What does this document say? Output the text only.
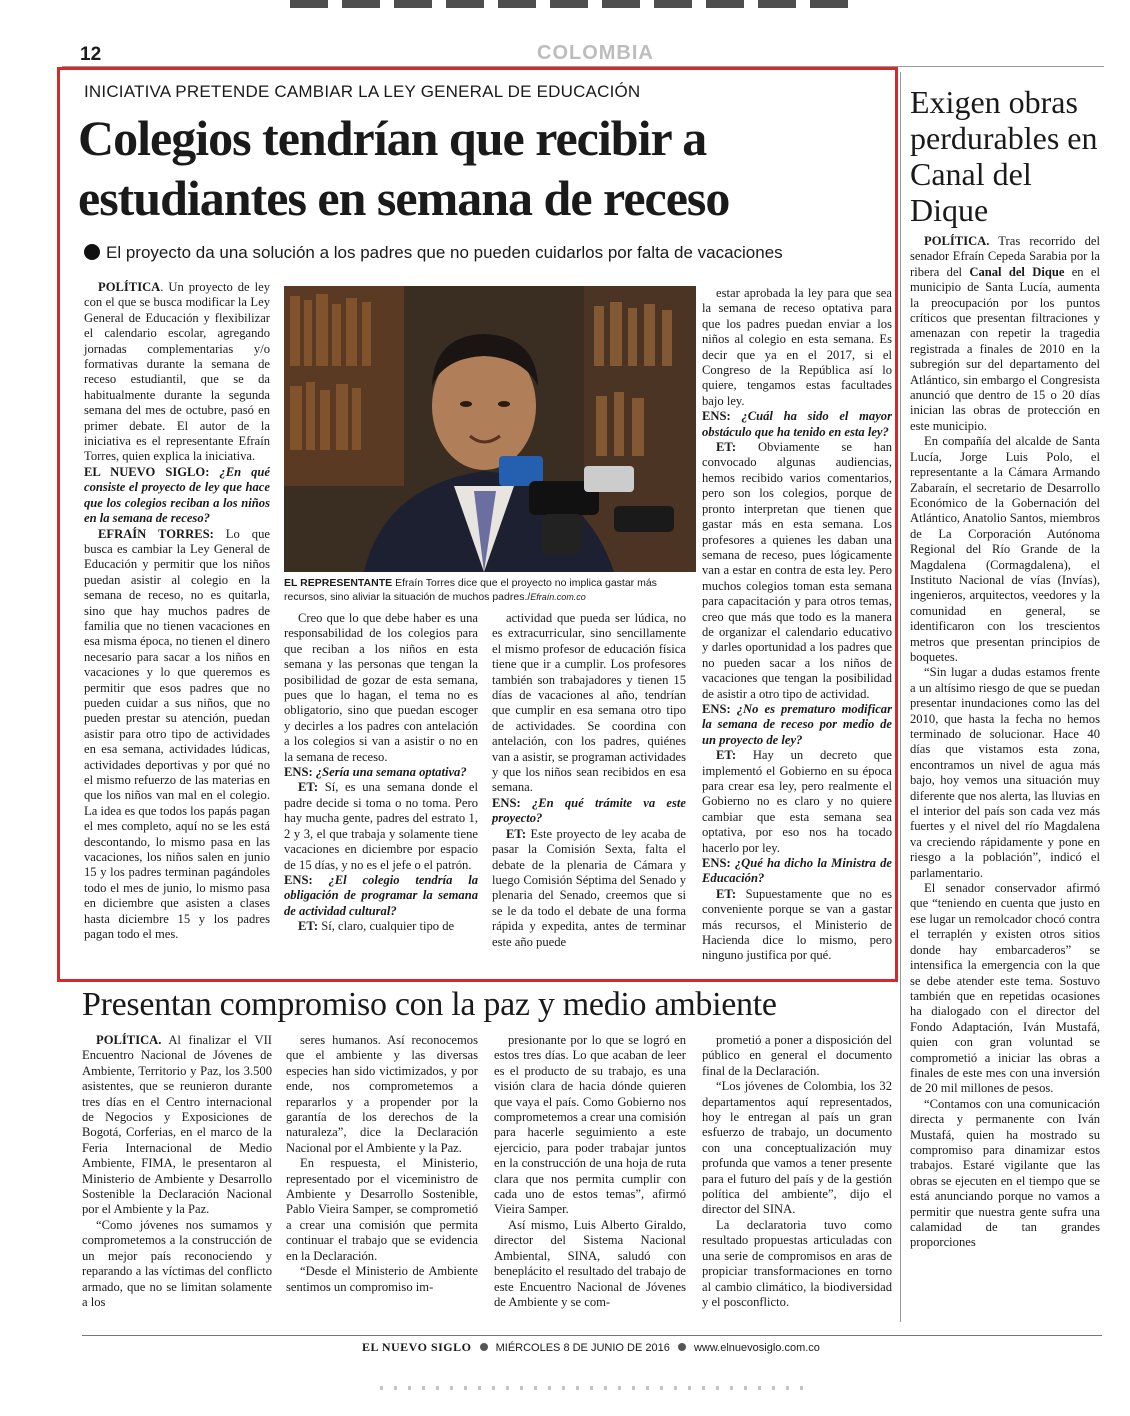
12	COLOMBIA
INICIATIVA PRETENDE CAMBIAR LA LEY GENERAL DE EDUCACIÓN
Colegios tendrían que recibir a estudiantes en semana de receso
El proyecto da una solución a los padres que no pueden cuidarlos por falta de vacaciones

POLÍTICA. Un proyecto de ley con el que se busca modificar la Ley General de Educación y flexibilizar el calendario escolar, agregando jornadas complementarias y/o formativas durante la semana de receso estudiantil, que se da habitualmente durante la segunda semana del mes de octubre, pasó en primer debate. El autor de la iniciativa es el representante Efraín Torres, quien explica la iniciativa.

EL NUEVO SIGLO: ¿En qué consiste el proyecto de ley que hace que los colegios reciban a los niños en la semana de receso?

EFRAÍN TORRES: Lo que busca es cambiar la Ley General de Educación y permitir que los niños puedan asistir al colegio en la semana de receso, no es quitarla, sino que hay muchos padres de familia que no tienen vacaciones en esa misma época, no tienen el dinero necesario para sacar a los niños en vacaciones y lo que queremos es permitir que esos padres que no pueden cuidar a sus niños, que no pueden prestar su atención, puedan asistir para otro tipo de actividades en esa semana, actividades lúdicas, actividades deportivas y por qué no el mismo refuerzo de las materias en que los niños van mal en el colegio. La idea es que todos los papás pagan el mes completo, aquí no se les está descontando, lo mismo pasa en las vacaciones, los niños salen en junio 15 y los padres terminan pagándoles todo el mes de junio, lo mismo pasa en diciembre que asisten a clases hasta diciembre 15 y los padres pagan todo el mes.

EL REPRESENTANTE Efraín Torres dice que el proyecto no implica gastar más recursos, sino aliviar la situación de muchos padres./Efraín.com.co

Creo que lo que debe haber es una responsabilidad de los colegios para que reciban a los niños en esta semana y las personas que tengan la posibilidad de gozar de esta semana, pues que lo hagan, el tema no es obligatorio, sino que puedan escoger y decirles a los padres con antelación a los colegios si van a asistir o no en la semana de receso.

ENS: ¿Sería una semana optativa?

ET: Sí, es una semana donde el padre decide si toma o no toma. Pero hay mucha gente, padres del estrato 1, 2 y 3, el que trabaja y solamente tiene vacaciones en diciembre por espacio de 15 días, y no es el jefe o el patrón.

ENS: ¿El colegio tendría la obligación de programar la semana de actividad cultural?

ET: Sí, claro, cualquier tipo de

actividad que pueda ser lúdica, no es extracurricular, sino sencillamente el mismo profesor de educación física tiene que ir a cumplir. Los profesores también son trabajadores y tienen 15 días de vacaciones al año, tendrían que cumplir en esa semana otro tipo de actividades. Se coordina con antelación, con los padres, quiénes van a asistir, se programan actividades y que los niños sean recibidos en esa semana.

ENS: ¿En qué trámite va este proyecto?

ET: Este proyecto de ley acaba de pasar la Comisión Sexta, falta el debate de la plenaria de Cámara y luego Comisión Séptima del Senado y plenaria del Senado, creemos que si se le da todo el debate de una forma rápida y expedita, antes de terminar este año puede

estar aprobada la ley para que sea la semana de receso optativa para que los padres puedan enviar a los niños al colegio en esta semana. Es decir que ya en el 2017, si el Congreso de la República así lo quiere, tengamos estas facultades bajo ley.

ENS: ¿Cuál ha sido el mayor obstáculo que ha tenido en esta ley?

ET: Obviamente se han convocado algunas audiencias, hemos recibido varios comentarios, pero son los colegios, porque de pronto interpretan que tienen que gastar más en esta semana. Los profesores a quienes les daban una semana de receso, pues lógicamente van a estar en contra de esta ley. Pero muchos colegios toman esta semana para capacitación y para otros temas, creo que más que todo es la manera de organizar el calendario educativo y darles oportunidad a los padres que no pueden sacar a los niños de vacaciones que tengan la posibilidad de asistir a otro tipo de actividad.

ENS: ¿No es prematuro modificar la semana de receso por medio de un proyecto de ley?

ET: Hay un decreto que implementó el Gobierno en su época para crear esa ley, pero realmente el Gobierno no es claro y no quiere cambiar que esta semana sea optativa, por eso nos ha tocado hacerlo por ley.

ENS: ¿Qué ha dicho la Ministra de Educación?

ET: Supuestamente que no es conveniente porque se van a gastar más recursos, el Ministerio de Hacienda dice lo mismo, pero ninguno justifica por qué.

Exigen obras perdurables en Canal del Dique

POLÍTICA. Tras recorrido del senador Efraín Cepeda Sarabia por la ribera del Canal del Dique en el municipio de Santa Lucía, aumenta la preocupación por los puntos críticos que presentan filtraciones y amenazan con repetir la tragedia registrada a finales de 2010 en la subregión sur del departamento del Atlántico, sin embargo el Congresista anunció que dentro de 15 o 20 días inician las obras de protección en este municipio.

En compañía del alcalde de Santa Lucía, Jorge Luis Polo, el representante a la Cámara Armando Zabaraín, el secretario de Desarrollo Económico de la Gobernación del Atlántico, Anatolio Santos, miembros de La Corporación Autónoma Regional del Río Grande de la Magdalena (Cormagdalena), el Instituto Nacional de vías (Invías), ingenieros, arquitectos, veedores y la comunidad en general, se identificaron con los trescientos metros que presentan principios de boquetes.

“Sin lugar a dudas estamos frente a un altísimo riesgo de que se puedan presentar inundaciones como las del 2010, que hasta la fecha no hemos terminado de solucionar. Hace 40 días que vistamos esta zona, encontramos un nivel de agua más bajo, hoy vemos una situación muy diferente que nos alerta, las lluvias en el interior del país son cada vez más fuertes y el nivel del río Magdalena va creciendo rápidamente y pone en riesgo a la población”, indicó el parlamentario.

El senador conservador afirmó que “teniendo en cuenta que justo en ese lugar un remolcador chocó contra el terraplén y existen otros sitios donde hay embarcaderos” se intensifica la emergencia con la que se debe atender este tema. Sostuvo también que en repetidas ocasiones ha dialogado con el director del Fondo Adaptación, Iván Mustafá, quien con gran voluntad se comprometió a iniciar las obras a finales de este mes con una inversión de 20 mil millones de pesos.

“Contamos con una comunicación directa y permanente con Iván Mustafá, quien ha mostrado su compromiso para dinamizar estos trabajos. Estaré vigilante que las obras se ejecuten en el tiempo que se está anunciando porque no vamos a permitir que nuestra gente sufra una calamidad de tan grandes proporciones

Presentan compromiso con la paz y medio ambiente

POLÍTICA. Al finalizar el VII Encuentro Nacional de Jóvenes de Ambiente, Territorio y Paz, los 3.500 asistentes, que se reunieron durante tres días en el Centro internacional de Negocios y Exposiciones de Bogotá, Corferias, en el marco de la Feria Internacional de Medio Ambiente, FIMA, le presentaron al Ministerio de Ambiente y Desarrollo Sostenible la Declaración Nacional por el Ambiente y la Paz.

“Como jóvenes nos sumamos y comprometemos a la construcción de un mejor país reconociendo y reparando a las víctimas del conflicto armado, que no se limitan solamente a los

seres humanos. Así reconocemos que el ambiente y las diversas especies han sido victimizados, y por ende, nos comprometemos a repararlos y a propender por la garantía de los derechos de la naturaleza”, dice la Declaración Nacional por el Ambiente y la Paz.

En respuesta, el Ministerio, representado por el viceministro de Ambiente y Desarrollo Sostenible, Pablo Vieira Samper, se comprometió a crear una comisión que permita continuar el trabajo que se evidencia en la Declaración.

“Desde el Ministerio de Ambiente sentimos un compromiso im-

presionante por lo que se logró en estos tres días. Lo que acaban de leer es el producto de su trabajo, es una visión clara de hacia dónde quieren que vaya el país. Como Gobierno nos comprometemos a crear una comisión para hacerle seguimiento a este ejercicio, para poder trabajar juntos en la construcción de una hoja de ruta clara que nos permita cumplir con cada uno de estos temas”, afirmó Vieira Samper.

Así mismo, Luis Alberto Giraldo, director del Sistema Nacional Ambiental, SINA, saludó con beneplácito el resultado del trabajo de este Encuentro Nacional de Jóvenes de Ambiente y se com-

prometió a poner a disposición del público en general el documento final de la Declaración.

“Los jóvenes de Colombia, los 32 departamentos aquí representados, hoy le entregan al país un gran esfuerzo de trabajo, un documento con una conceptualización muy profunda que vamos a tener presente para el futuro del país y de la gestión política del ambiente”, dijo el director del SINA.

La declaratoria tuvo como resultado propuestas articuladas con una serie de compromisos en aras de propiciar transformaciones en torno al cambio climático, la biodiversidad y el posconflicto.

EL NUEVO SIGLO MIÉRCOLES 8 DE JUNIO DE 2016 www.elnuevosiglo.com.co
